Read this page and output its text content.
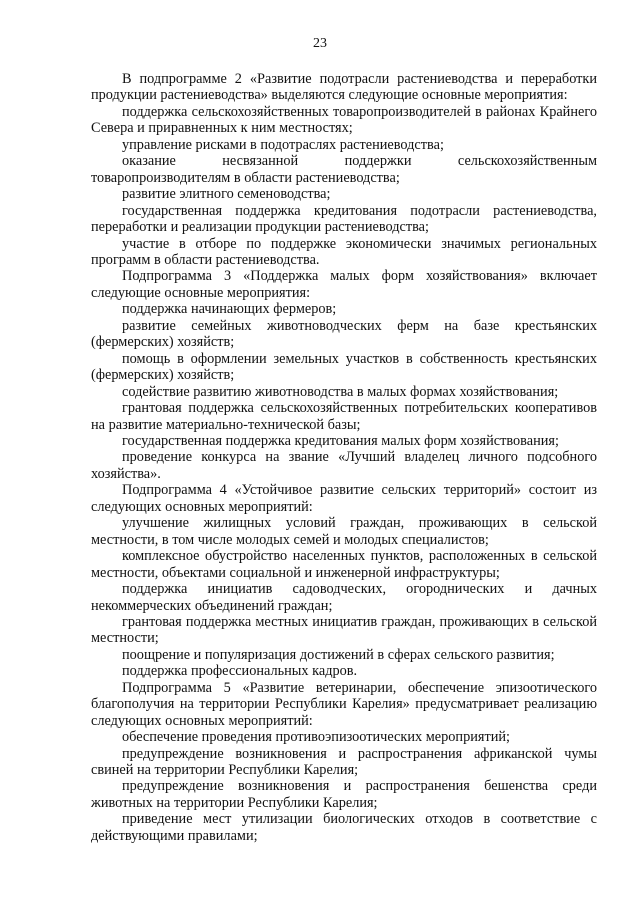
23

В подпрограмме 2 «Развитие подотрасли растениеводства и переработки продукции растениеводства» выделяются следующие основные мероприятия:

поддержка сельскохозяйственных товаропроизводителей в районах Крайнего Севера и приравненных к ним местностях;

управление рисками в подотраслях растениеводства;

оказание несвязанной поддержки сельскохозяйственным товаропроизводителям в области растениеводства;

развитие элитного семеноводства;

государственная поддержка кредитования подотрасли растениеводства, переработки и реализации продукции растениеводства;

участие в отборе по поддержке экономически значимых региональных программ в области растениеводства.

Подпрограмма 3 «Поддержка малых форм хозяйствования» включает следующие основные мероприятия:

поддержка начинающих фермеров;

развитие семейных животноводческих ферм на базе крестьянских (фермерских) хозяйств;

помощь в оформлении земельных участков в собственность крестьянских (фермерских) хозяйств;

содействие развитию животноводства в малых формах хозяйствования;

грантовая поддержка сельскохозяйственных потребительских кооперативов на развитие материально-технической базы;

государственная поддержка кредитования малых форм хозяйствования;

проведение конкурса на звание «Лучший владелец личного подсобного хозяйства».

Подпрограмма 4 «Устойчивое развитие сельских территорий» состоит из следующих основных мероприятий:

улучшение жилищных условий граждан, проживающих в сельской местности, в том числе молодых семей и молодых специалистов;

комплексное обустройство населенных пунктов, расположенных в сельской местности, объектами социальной и инженерной инфраструктуры;

поддержка инициатив садоводческих, огороднических и дачных некоммерческих объединений граждан;

грантовая поддержка местных инициатив граждан, проживающих в сельской местности;

поощрение и популяризация достижений в сферах сельского развития;

поддержка профессиональных кадров.

Подпрограмма 5 «Развитие ветеринарии, обеспечение эпизоотического благополучия на территории Республики Карелия» предусматривает реализацию следующих основных мероприятий:

обеспечение проведения противоэпизоотических мероприятий;

предупреждение возникновения и распространения африканской чумы свиней на территории Республики Карелия;

предупреждение возникновения и распространения бешенства среди животных на территории Республики Карелия;

приведение мест утилизации биологических отходов в соответствие с действующими правилами;
